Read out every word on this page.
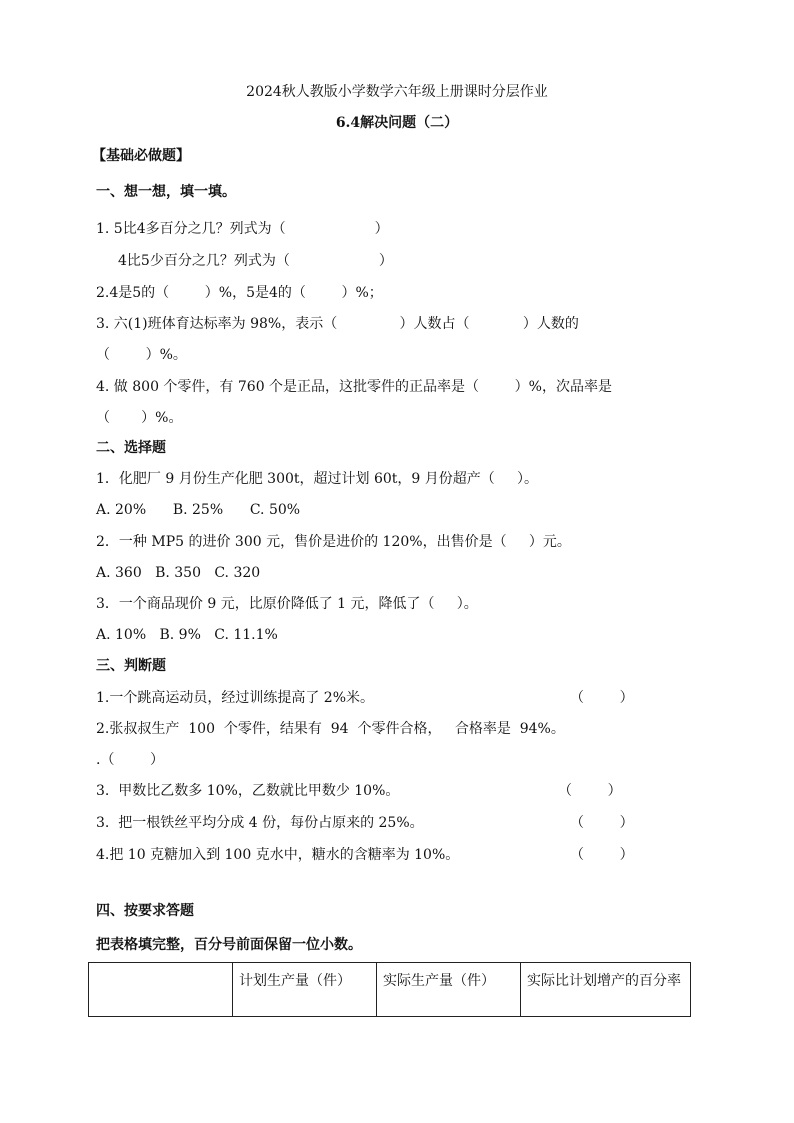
2024秋人教版小学数学六年级上册课时分层作业
6.4解决问题（二）
【基础必做题】
一、想一想，填一填。
1. 5比4多百分之几？列式为（                    ）
4比5少百分之几？列式为（                    ）
2.4是5的（        ）%，5是4的（        ）%；
3. 六(1)班体育达标率为 98%，表示（              ）人数占（            ）人数的
（        ）%。
4. 做 800 个零件，有 760 个是正品，这批零件的正品率是（        ）%，次品率是
（       ）%。
二、选择题
1．化肥厂 9 月份生产化肥 300t，超过计划 60t，9 月份超产（     ）。
A. 20%      B. 25%      C. 50%
2．一种 MP5 的进价 300 元，售价是进价的 120%，出售价是（     ）元。
A. 360   B. 350   C. 320
3．一个商品现价 9 元，比原价降低了 1 元，降低了（     ）。
A. 10%   B. 9%   C. 11.1%
三、判断题
1.一个跳高运动员，经过训练提高了 2%米。	（        ）
2.张叔叔生产  100  个零件，结果有  94  个零件合格，   合格率是  94%。
.（        ）
3.  甲数比乙数多 10%，乙数就比甲数少 10%。	（        ）
3.  把一根铁丝平均分成 4 份，每份占原来的 25%。	（        ）
4.把 10 克糖加入到 100 克水中，糖水的含糖率为 10%。	（        ）
四、按要求答题
把表格填完整，百分号前面保留一位小数。
	计划生产量（件）	实际生产量（件）	实际比计划增产的百分率
